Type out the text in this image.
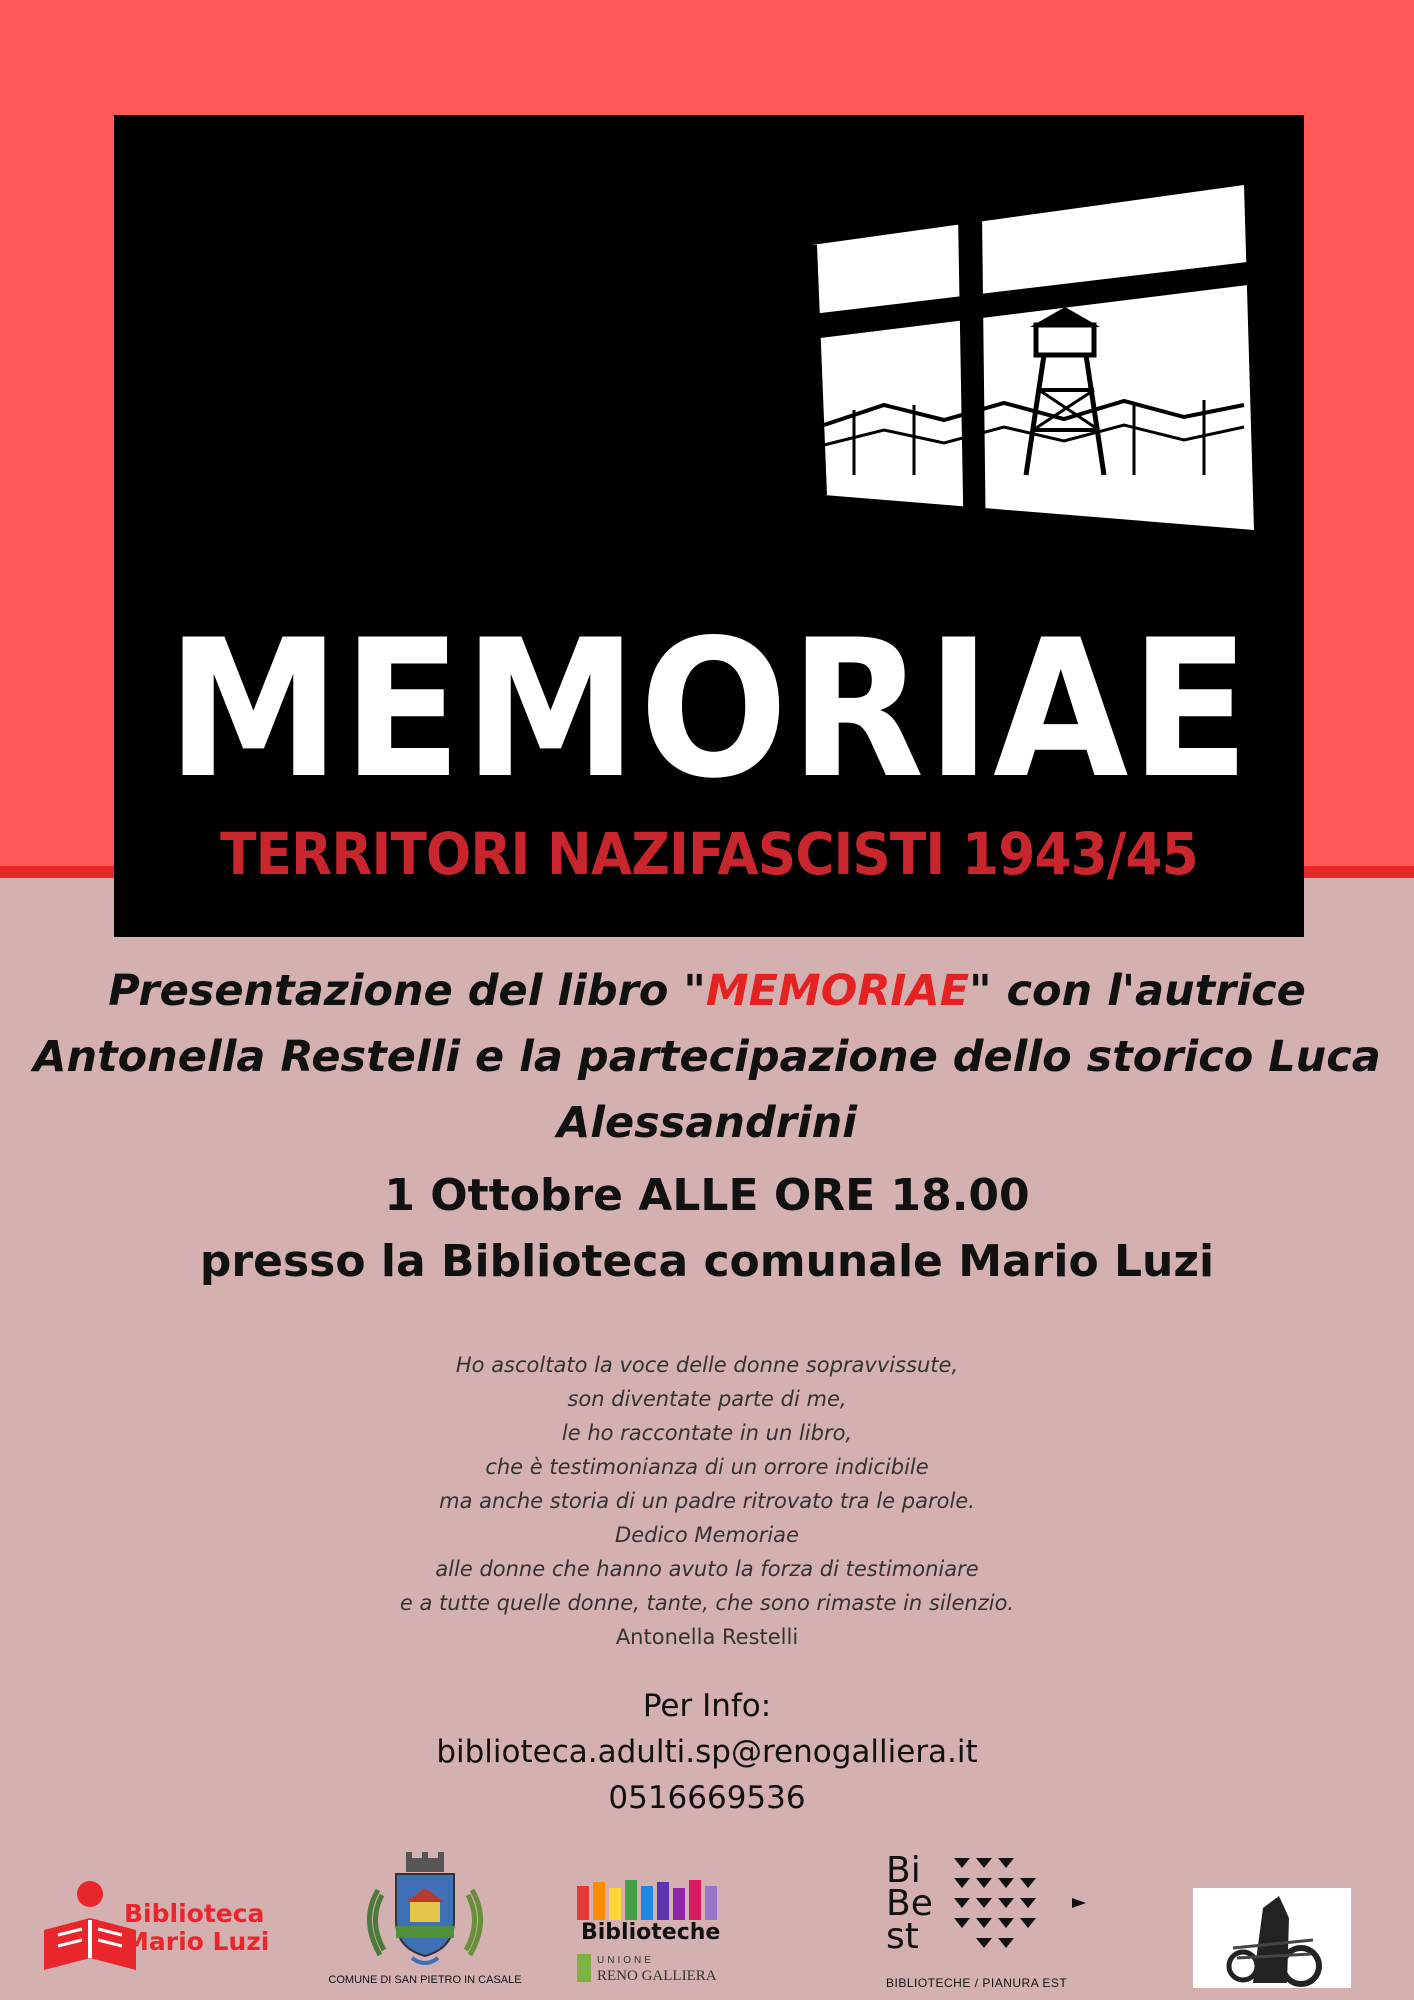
MEMORIAE
TERRITORI NAZIFASCISTI 1943/45
Presentazione del libro "MEMORIAE" con l'autrice Antonella Restelli e la partecipazione dello storico Luca Alessandrini
1 Ottobre ALLE ORE 18.00
presso la Biblioteca comunale Mario Luzi
Ho ascoltato la voce delle donne sopravvissute,
son diventate parte di me,
le ho raccontate in un libro,
che è testimonianza di un orrore indicibile
ma anche storia di un padre ritrovato tra le parole.
Dedico Memoriae
alle donne che hanno avuto la forza di testimoniare
e a tutte quelle donne, tante, che sono rimaste in silenzio.
Antonella Restelli
Per Info:
biblioteca.adulti.sp@renogalliera.it
0516669536
Biblioteca
Mario Luzi
COMUNE DI SAN PIETRO IN CASALE
Biblioteche
UNIONE
RENO GALLIERA
Bi
Be
st
BIBLIOTECHE / PIANURA EST
